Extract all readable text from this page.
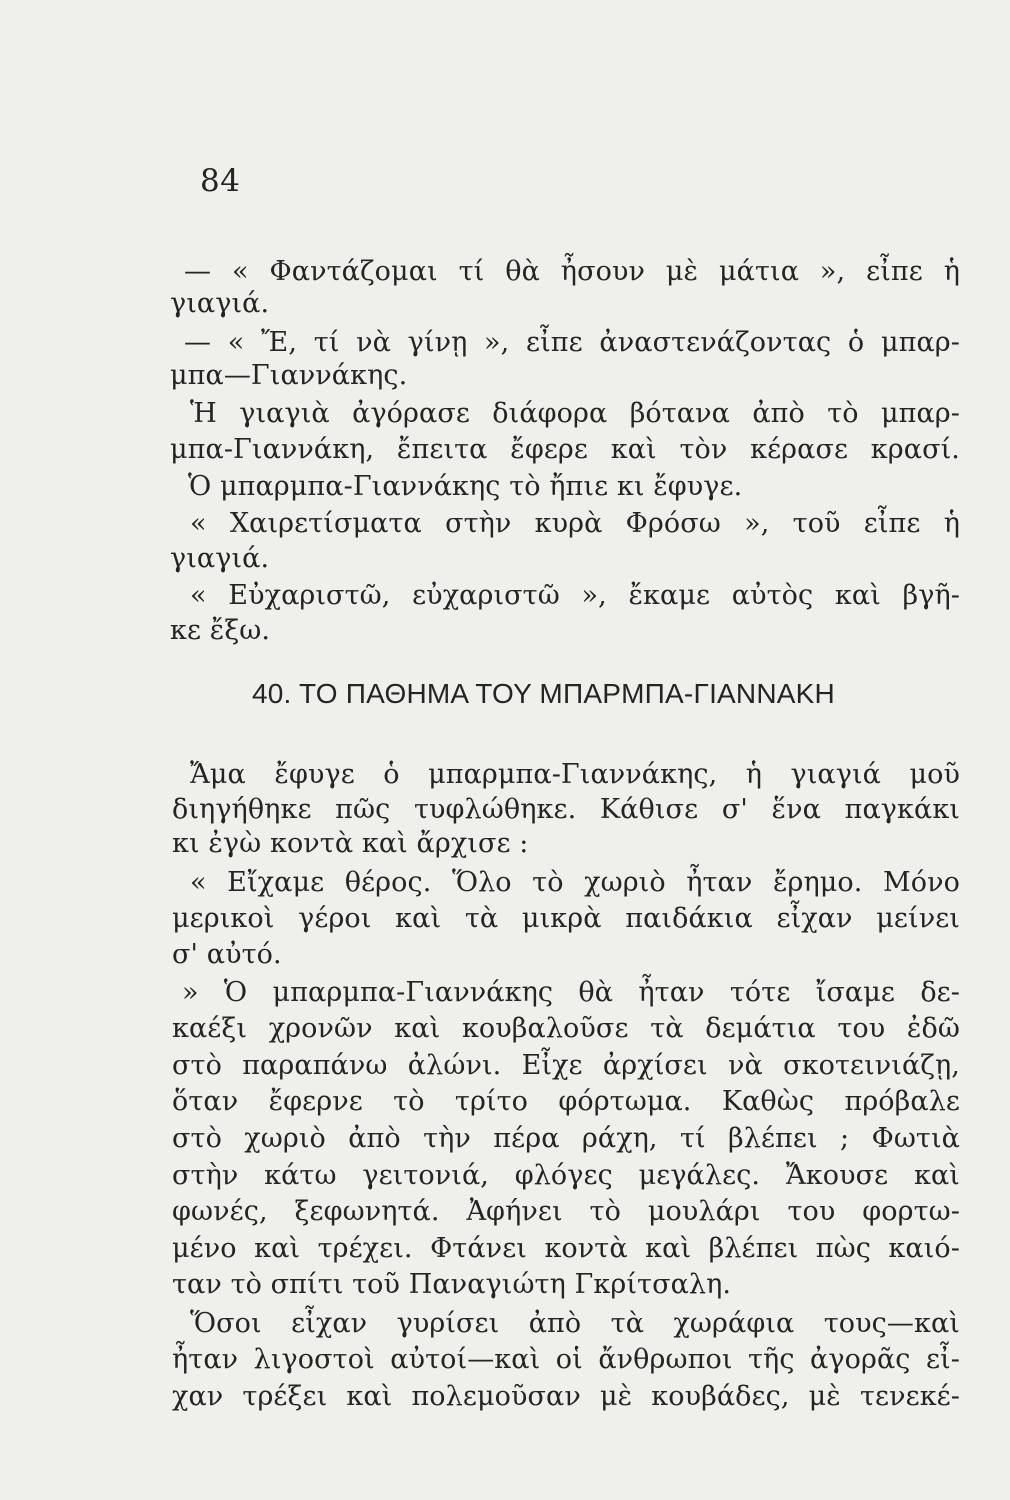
84
— « Φαντάζομαι τί θὰ ἦσουν μὲ μάτια », εἶπε ἡ
γιαγιά.
— « Ἔ, τί νὰ γίνῃ », εἶπε ἀναστενάζοντας ὁ μπαρ-
μπα—Γιαννάκης.
Ἡ γιαγιὰ ἀγόρασε διάφορα βότανα ἀπὸ τὸ μπαρ-
μπα-Γιαννάκη, ἔπειτα ἔφερε καὶ τὸν κέρασε κρασί.
Ὁ μπαρμπα-Γιαννάκης τὸ ἤπιε κι ἔφυγε.
« Χαιρετίσματα στὴν κυρὰ Φρόσω », τοῦ εἶπε ἡ
γιαγιά.
« Εὐχαριστῶ, εὐχαριστῶ », ἔκαμε αὐτὸς καὶ βγῆ-
κε ἔξω.
40. ΤΟ ΠΑΘΗΜΑ ΤΟΥ ΜΠΑΡΜΠΑ-ΓΙΑΝΝΑΚΗ
Ἄμα ἔφυγε ὁ μπαρμπα-Γιαννάκης, ἡ γιαγιά μοῦ
διηγήθηκε πῶς τυφλώθηκε. Κάθισε σ' ἕνα παγκάκι
κι ἐγὼ κοντὰ καὶ ἄρχισε :
« Εἴχαμε θέρος. Ὅλο τὸ χωριὸ ἦταν ἔρημο. Μόνο
μερικοὶ γέροι καὶ τὰ μικρὰ παιδάκια εἶχαν μείνει
σ' αὐτό.
» Ὁ μπαρμπα-Γιαννάκης θὰ ἦταν τότε ἴσαμε δε-
καέξι χρονῶν καὶ κουβαλοῦσε τὰ δεμάτια του ἐδῶ
στὸ παραπάνω ἀλώνι. Εἶχε ἀρχίσει νὰ σκοτεινιάζῃ,
ὅταν ἔφερνε τὸ τρίτο φόρτωμα. Καθὼς πρόβαλε
στὸ χωριὸ ἀπὸ τὴν πέρα ράχη, τί βλέπει ; Φωτιὰ
στὴν κάτω γειτονιά, φλόγες μεγάλες. Ἄκουσε καὶ
φωνές, ξεφωνητά. Ἀφήνει τὸ μουλάρι του φορτω-
μένο καὶ τρέχει. Φτάνει κοντὰ καὶ βλέπει πὼς καιό-
ταν τὸ σπίτι τοῦ Παναγιώτη Γκρίτσαλη.
Ὅσοι εἶχαν γυρίσει ἀπὸ τὰ χωράφια τους—καὶ
ἦταν λιγοστοὶ αὐτοί—καὶ οἱ ἄνθρωποι τῆς ἀγορᾶς εἶ-
χαν τρέξει καὶ πολεμοῦσαν μὲ κουβάδες, μὲ τενεκέ-
